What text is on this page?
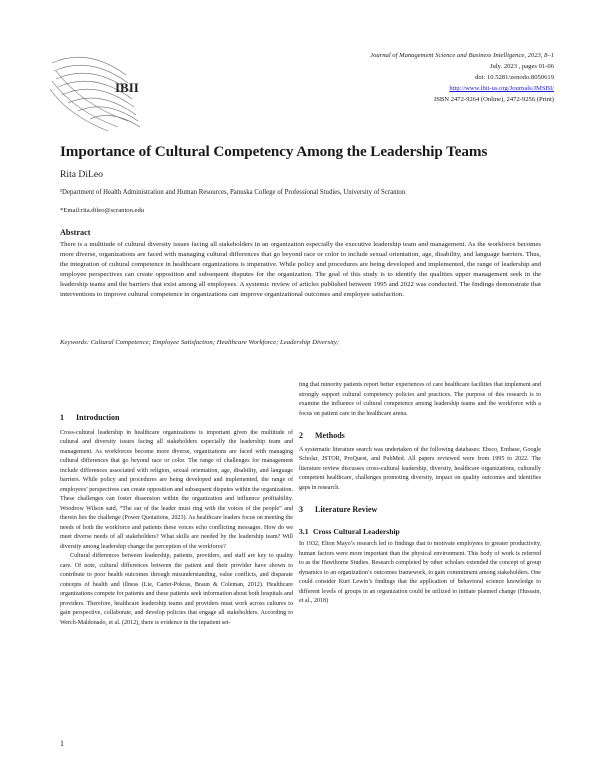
IBII
Journal of Management Science and Business Intelligence, 2023, 8–1
July. 2023 , pages 01-06
doi: 10.5281/zenodo.8050619
http://www.ibii-us.org/Journals/JMSBI/
ISBN 2472-9264 (Online), 2472-9256 (Print)
Importance of Cultural Competency Among the Leadership Teams
Rita DiLeo
¹Department of Health Administration and Human Resources, Panuska College of Professional Studies, University of Scranton
*Email:rita.dileo@scranton.edu
Abstract
There is a multitude of cultural diversity issues facing all stakeholders in an organization especially the executive leadership team and management. As the workforce becomes more diverse, organizations are faced with managing cultural differences that go beyond race or color to include sexual orientation, age, disability, and language barriers. Thus, the integration of cultural competence in healthcare organizations is imperative. While policy and procedures are being developed and implemented, the range of leadership and employee perspectives can create opposition and subsequent disputes for the organization. The goal of this study is to identify the qualities upper management seek in the leadership teams and the barriers that exist among all employees. A systemic review of articles published between 1995 and 2022 was conducted. The findings demonstrate that interventions to improve cultural competence in organizations can improve organizational outcomes and employee satisfaction.
Keywords: Cultural Competence; Employee Satisfaction; Healthcare Workforce; Leadership Diversity;
1 Introduction

Cross-cultural leadership in healthcare organizations is important given the multitude of cultural and diversity issues facing all stakeholders especially the leadership team and management. As workforces become more diverse, organizations are faced with managing cultural differences that go beyond race or color. The range of challenges for management include differences associated with religion, sexual orientation, age, disability, and language barriers. While policy and procedures are being developed and implemented, the range of employees’ perspectives can create opposition and subsequent disputes within the organization. These challenges can foster dissension within the organization and influence profitability. Woodrow Wilson said, “The ear of the leader must ring with the voices of the people” and therein lies the challenge (Power Quotations, 2023). As healthcare leaders focus on meeting the needs of both the workforce and patients these voices echo conflicting messages. How do we meet diverse needs of all stakeholders? What skills are needed by the leadership team? Will diversity among leadership change the perception of the workforce?

Cultural differences between leadership, patients, providers, and staff are key to quality care. Of note, cultural differences between the patient and their provider have shown to contribute to poor health outcomes through misunderstanding, value conflicts, and disparate concepts of health and illness (Lie, Carter-Pokras, Braun & Coleman, 2012). Healthcare organizations compete for patients and these patients seek information about both hospitals and providers. Therefore, healthcare leadership teams and providers must work across cultures to gain perspective, collaborate, and develop policies that engage all stakeholders. According to Werch-Maldonado, et al. (2012), there is evidence in the inpatient set-

ting that minority patients report better experiences of care healthcare facilities that implement and strongly support cultural competency policies and practices. The purpose of this research is to examine the influence of cultural competence among leadership teams and the workforce with a focus on patient care in the healthcare arena.

2 Methods

A systematic literature search was undertaken of the following databases: Ebsco, Embase, Google Scholar, JSTOR, ProQuest, and PubMed. All papers reviewed were from 1995 to 2022. The literature review discusses cross-cultural leadership, diversity, healthcare organizations, culturally competent healthcare, challenges promoting diversity, impact on quality outcomes and identifies gaps in research.

3 Literature Review
3.1 Cross Cultural Leadership

In 1932, Elton Mayo’s research led to findings that to motivate employees to greater productivity, human factors were more important than the physical environment. This body of work is referred to as the Hawthorne Studies. Research completed by other scholars extended the concept of group dynamics to an organization’s outcomes framework, to gain commitment among stakeholders. One could consider Kurt Lewin’s findings that the application of behavioral science knowledge to different levels of groups in an organization could be utilized to initiate planned change (Hussain, et al., 2018)

1
